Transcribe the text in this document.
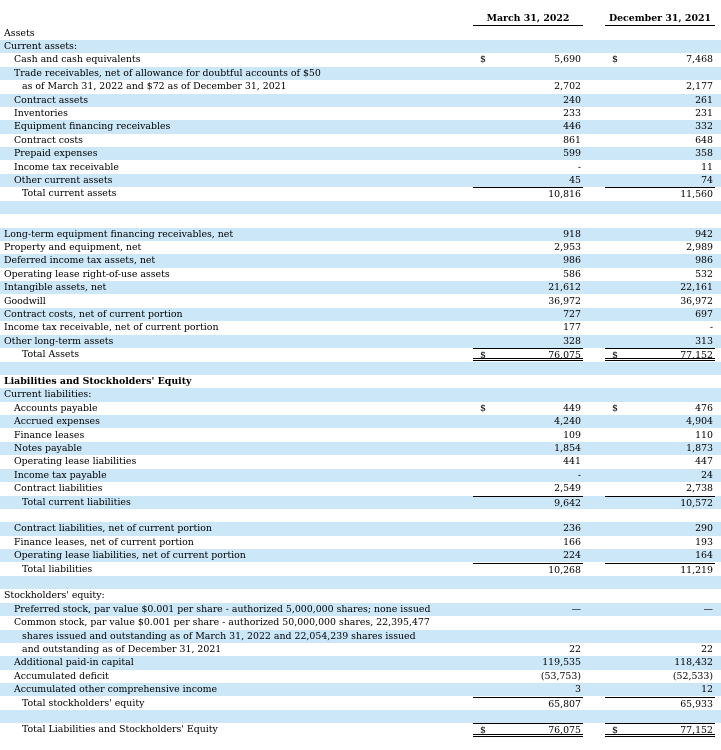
March 31, 2022	December 31, 2021
Assets
Current assets:
Cash and cash equivalents	$	5,690	$	7,468
Trade receivables, net of allowance for doubtful accounts of $50
as of March 31, 2022 and $72 as of December 31, 2021	2,702	2,177
Contract assets	240	261
Inventories	233	231
Equipment financing receivables	446	332
Contract costs	861	648
Prepaid expenses	599	358
Income tax receivable	-	11
Other current assets	45	74
Total current assets	10,816	11,560
Long-term equipment financing receivables, net	918	942
Property and equipment, net	2,953	2,989
Deferred income tax assets, net	986	986
Operating lease right-of-use assets	586	532
Intangible assets, net	21,612	22,161
Goodwill	36,972	36,972
Contract costs, net of current portion	727	697
Income tax receivable, net of current portion	177	-
Other long-term assets	328	313
Total Assets	$	76,075	$	77,152
Liabilities and Stockholders' Equity
Current liabilities:
Accounts payable	$	449	$	476
Accrued expenses	4,240	4,904
Finance leases	109	110
Notes payable	1,854	1,873
Operating lease liabilities	441	447
Income tax payable	-	24
Contract liabilities	2,549	2,738
Total current liabilities	9,642	10,572
Contract liabilities, net of current portion	236	290
Finance leases, net of current portion	166	193
Operating lease liabilities, net of current portion	224	164
Total liabilities	10,268	11,219
Stockholders' equity:
Preferred stock, par value $0.001 per share - authorized 5,000,000 shares; none issued	—	—
Common stock, par value $0.001 per share - authorized 50,000,000 shares, 22,395,477
shares issued and outstanding as of March 31, 2022 and 22,054,239 shares issued
and outstanding as of December 31, 2021	22	22
Additional paid-in capital	119,535	118,432
Accumulated deficit	(53,753)	(52,533)
Accumulated other comprehensive income	3	12
Total stockholders' equity	65,807	65,933
Total Liabilities and Stockholders' Equity	$	76,075	$	77,152
